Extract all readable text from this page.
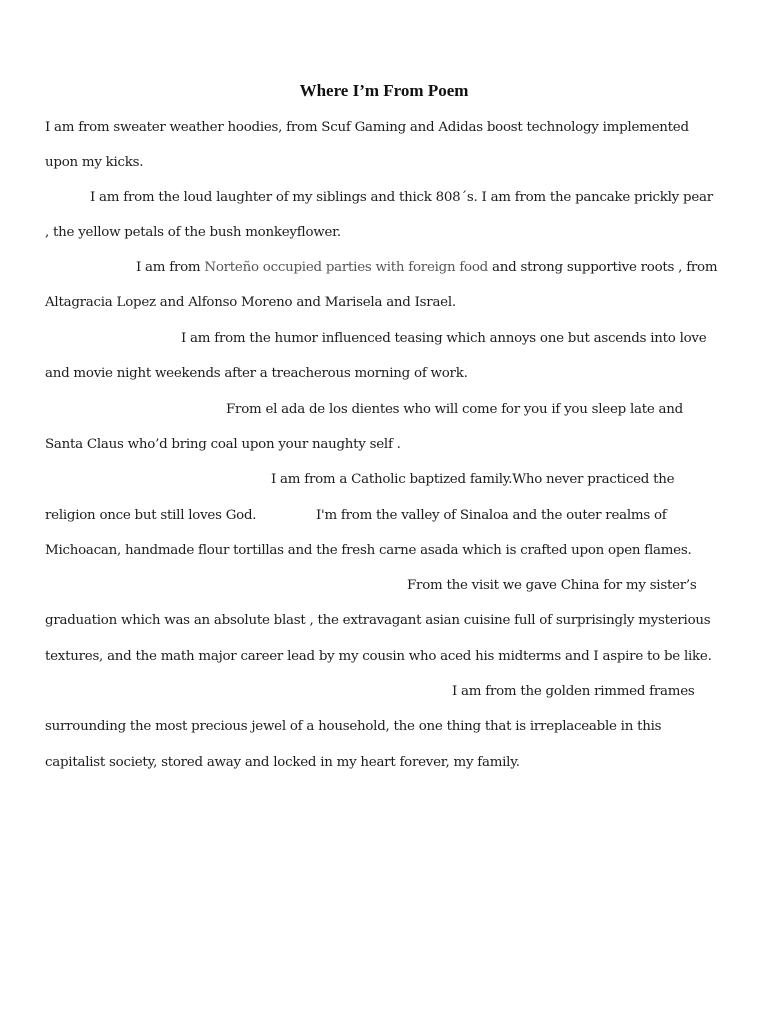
Where I’m From Poem
I am from sweater weather hoodies, from Scuf Gaming and Adidas boost technology implemented
upon my kicks.
I am from the loud laughter of my siblings and thick 808´s. I am from the pancake prickly pear
, the yellow petals of the bush monkeyflower.
I am from Norteño occupied parties with foreign food and strong supportive roots , from
Altagracia Lopez and Alfonso Moreno and Marisela and Israel.
I am from the humor influenced teasing which annoys one but ascends into love
and movie night weekends after a treacherous morning of work.
From el ada de los dientes who will come for you if you sleep late and
Santa Claus who’d bring coal upon your naughty self .
I am from a Catholic baptized family.Who never practiced the
religion once but still loves God.	I'm from the valley of Sinaloa and the outer realms of
Michoacan, handmade flour tortillas and the fresh carne asada which is crafted upon open flames.
From the visit we gave China for my sister’s
graduation which was an absolute blast , the extravagant asian cuisine full of surprisingly mysterious
textures, and the math major career lead by my cousin who aced his midterms and I aspire to be like.
I am from the golden rimmed frames
surrounding the most precious jewel of a household, the one thing that is irreplaceable in this
capitalist society, stored away and locked in my heart forever, my family.
